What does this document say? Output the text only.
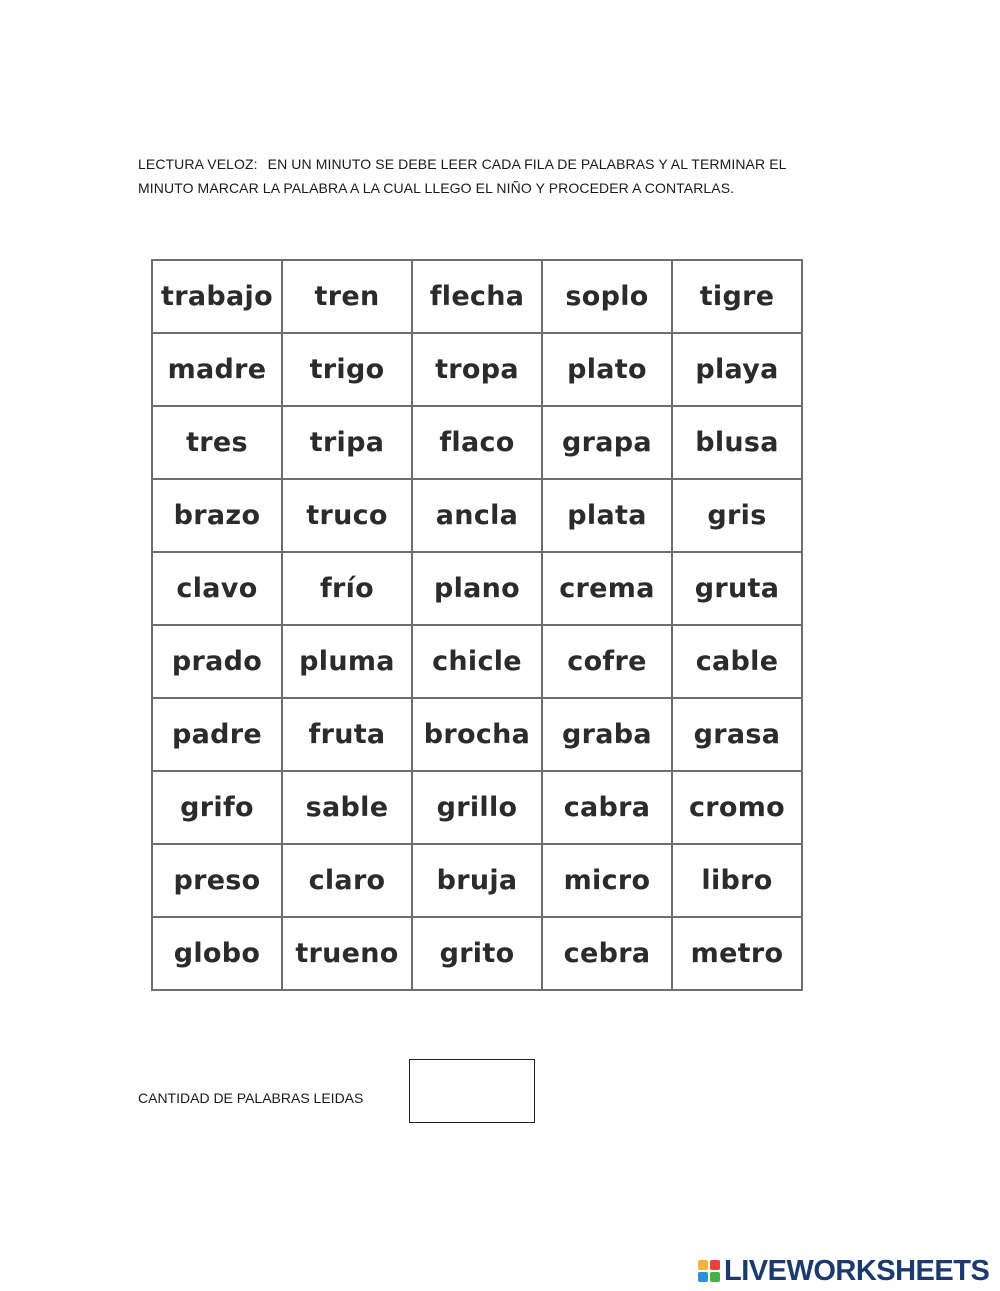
LECTURA VELOZ: EN UN MINUTO SE DEBE LEER CADA FILA DE PALABRAS Y AL TERMINAR EL
MINUTO MARCAR LA PALABRA A LA CUAL LLEGO EL NIÑO Y PROCEDER A CONTARLAS.
trabajo	tren	flecha	soplo	tigre
madre	trigo	tropa	plato	playa
tres	tripa	flaco	grapa	blusa
brazo	truco	ancla	plata	gris
clavo	frío	plano	crema	gruta
prado	pluma	chicle	cofre	cable
padre	fruta	brocha	graba	grasa
grifo	sable	grillo	cabra	cromo
preso	claro	bruja	micro	libro
globo	trueno	grito	cebra	metro
CANTIDAD DE PALABRAS LEIDAS
LIVEWORKSHEETS
